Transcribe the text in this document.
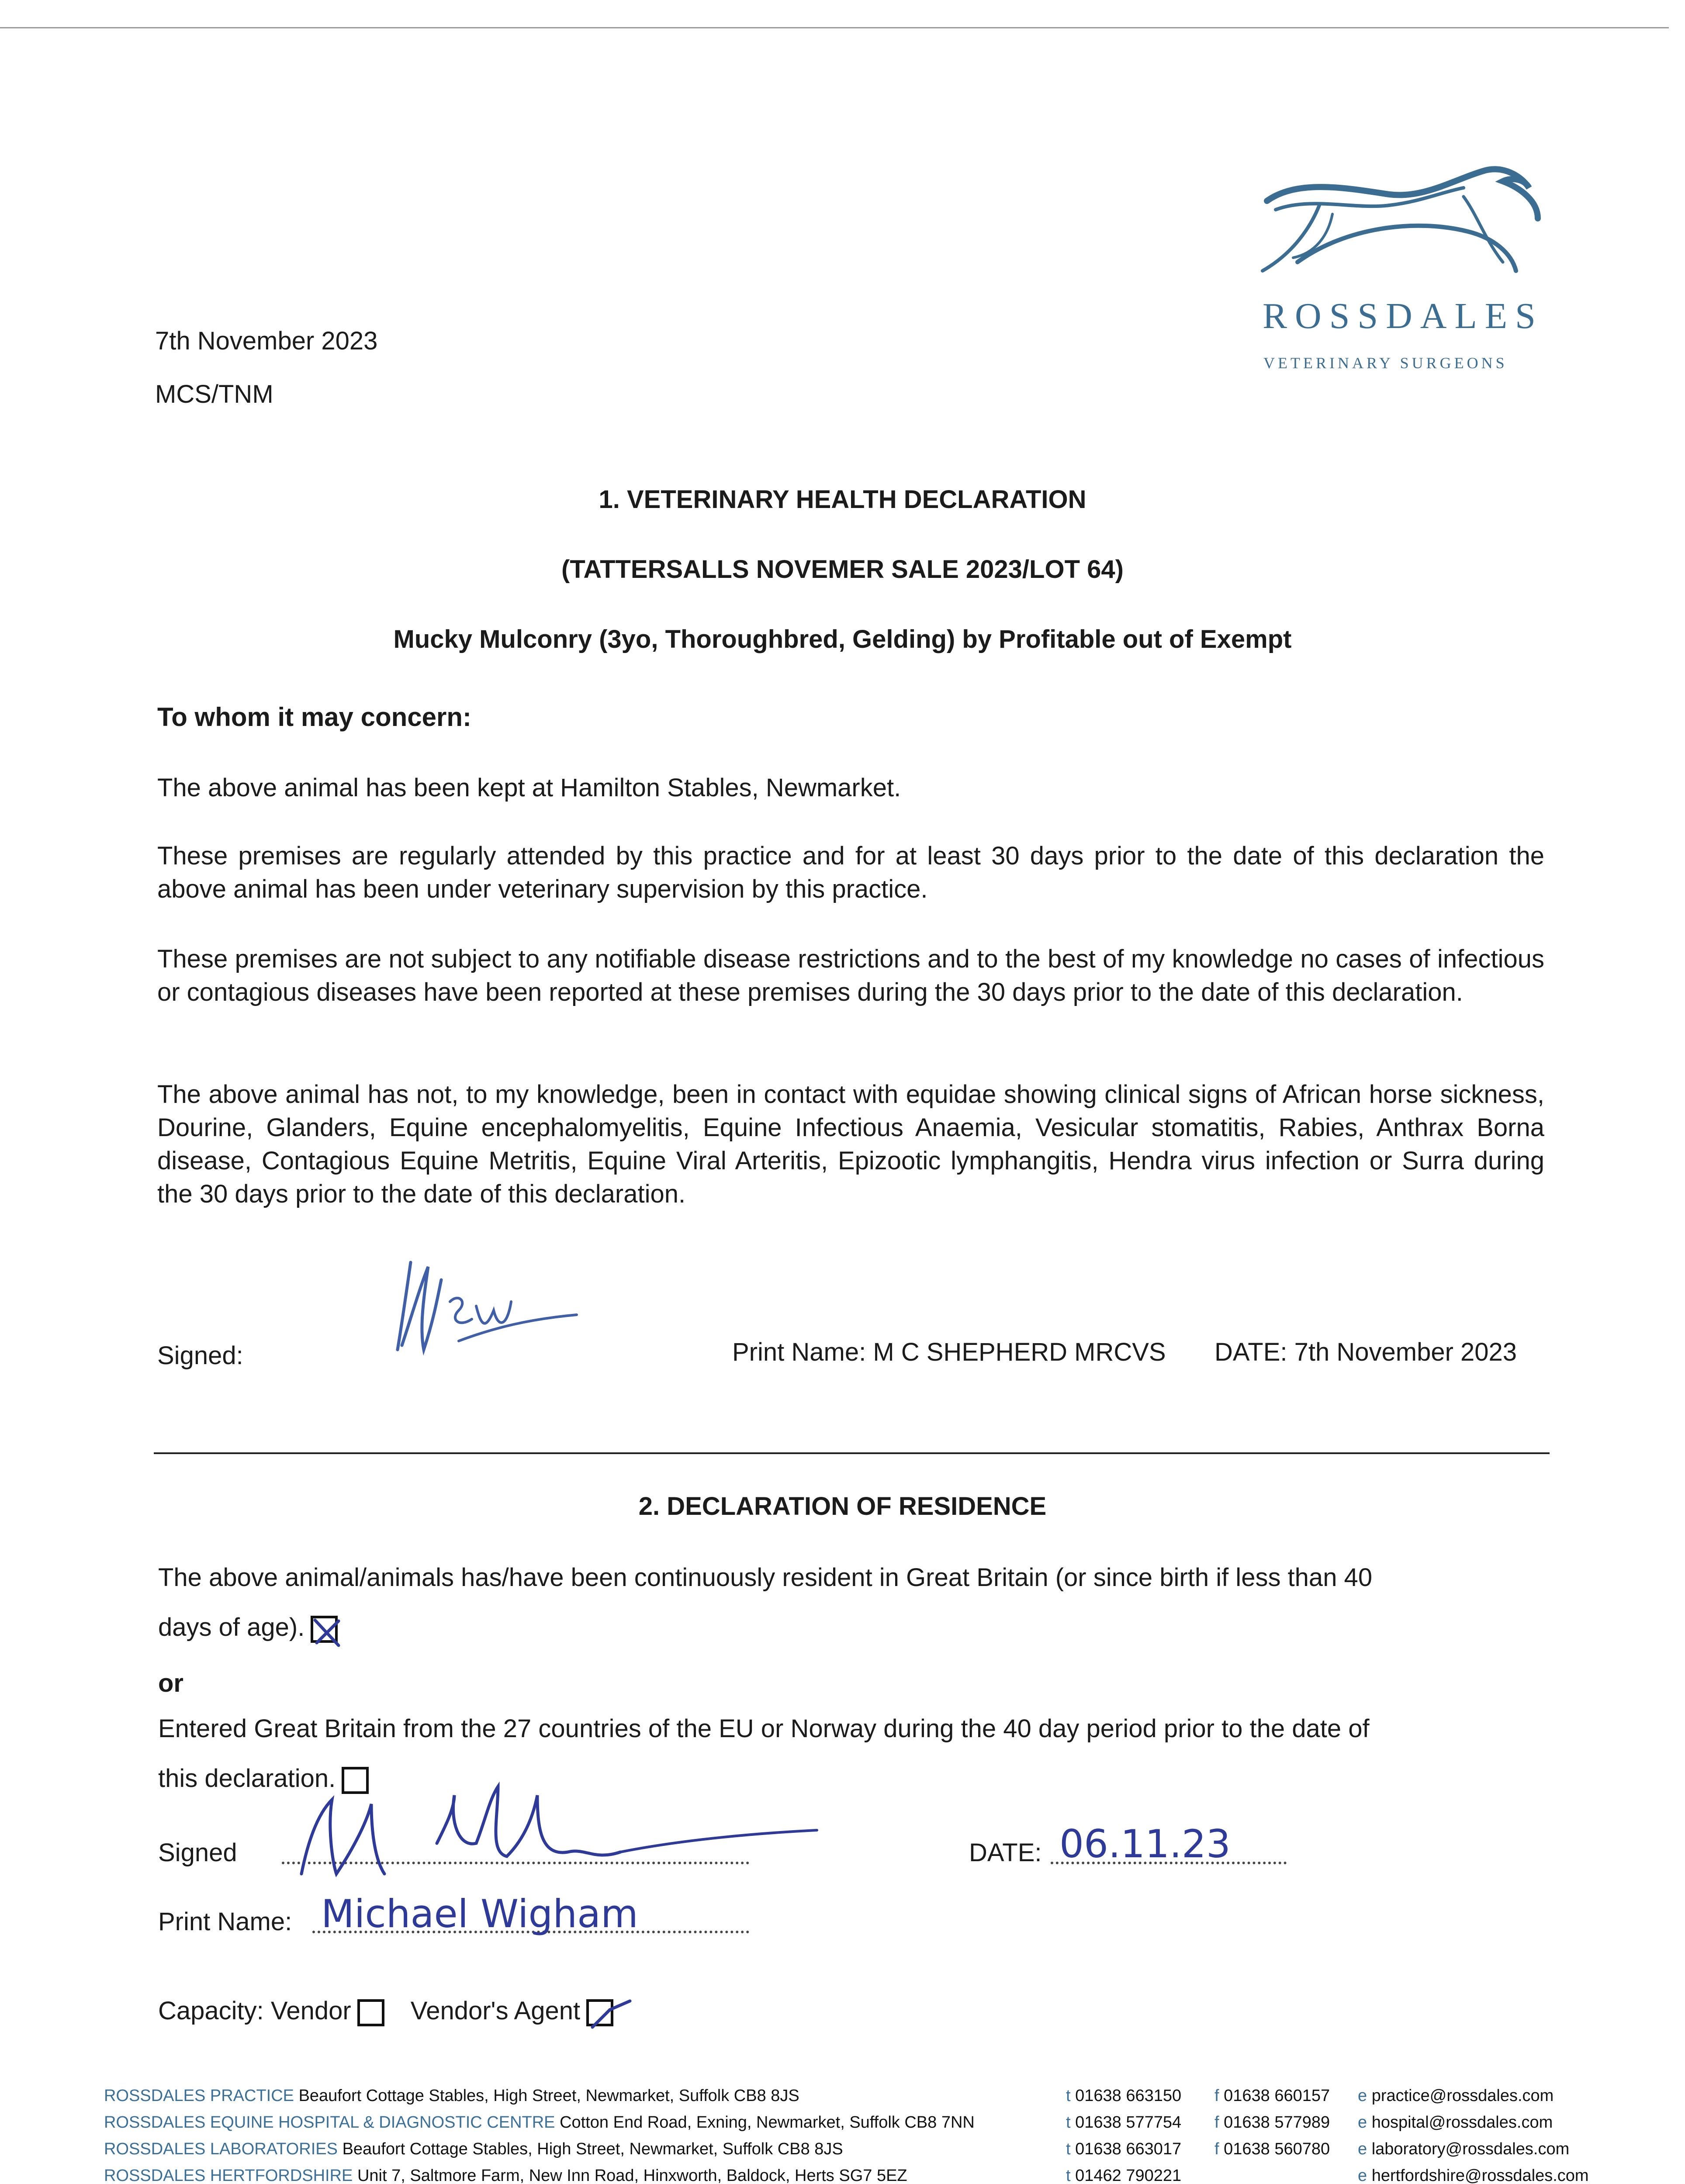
7th November 2023
MCS/TNM
ROSSDALES
VETERINARY SURGEONS
1. VETERINARY HEALTH DECLARATION
(TATTERSALLS NOVEMER SALE 2023/LOT 64)
Mucky Mulconry (3yo, Thoroughbred, Gelding) by Profitable out of Exempt
To whom it may concern:
The above animal has been kept at Hamilton Stables, Newmarket.
These premises are regularly attended by this practice and for at least 30 days prior to the date of this declaration the above animal has been under veterinary supervision by this practice.
These premises are not subject to any notifiable disease restrictions and to the best of my knowledge no cases of infectious or contagious diseases have been reported at these premises during the 30 days prior to the date of this declaration.
The above animal has not, to my knowledge, been in contact with equidae showing clinical signs of African horse sickness, Dourine, Glanders, Equine encephalomyelitis, Equine Infectious Anaemia, Vesicular stomatitis, Rabies, Anthrax Borna disease, Contagious Equine Metritis, Equine Viral Arteritis, Epizootic lymphangitis, Hendra virus infection or Surra during the 30 days prior to the date of this declaration.
Signed:	Print Name: M C SHEPHERD MRCVS DATE: 7th November 2023
2. DECLARATION OF RESIDENCE
The above animal/animals has/have been continuously resident in Great Britain (or since birth if less than 40
days of age).
or
Entered Great Britain from the 27 countries of the EU or Norway during the 40 day period prior to the date of
this declaration.
Signed	DATE: 06.11.23
Print Name: Michael Wigham
Capacity: Vendor Vendor's Agent
ROSSDALES PRACTICE Beaufort Cottage Stables, High Street, Newmarket, Suffolk CB8 8JS
ROSSDALES EQUINE HOSPITAL & DIAGNOSTIC CENTRE Cotton End Road, Exning, Newmarket, Suffolk CB8 7NN
ROSSDALES LABORATORIES Beaufort Cottage Stables, High Street, Newmarket, Suffolk CB8 8JS
ROSSDALES HERTFORDSHIRE Unit 7, Saltmore Farm, New Inn Road, Hinxworth, Baldock, Herts SG7 5EZ
t 01638 663150
t 01638 577754
t 01638 663017
t 01462 790221
f 01638 660157
f 01638 577989
f 01638 560780
e practice@rossdales.com
e hospital@rossdales.com
e laboratory@rossdales.com
e hertfordshire@rossdales.com
